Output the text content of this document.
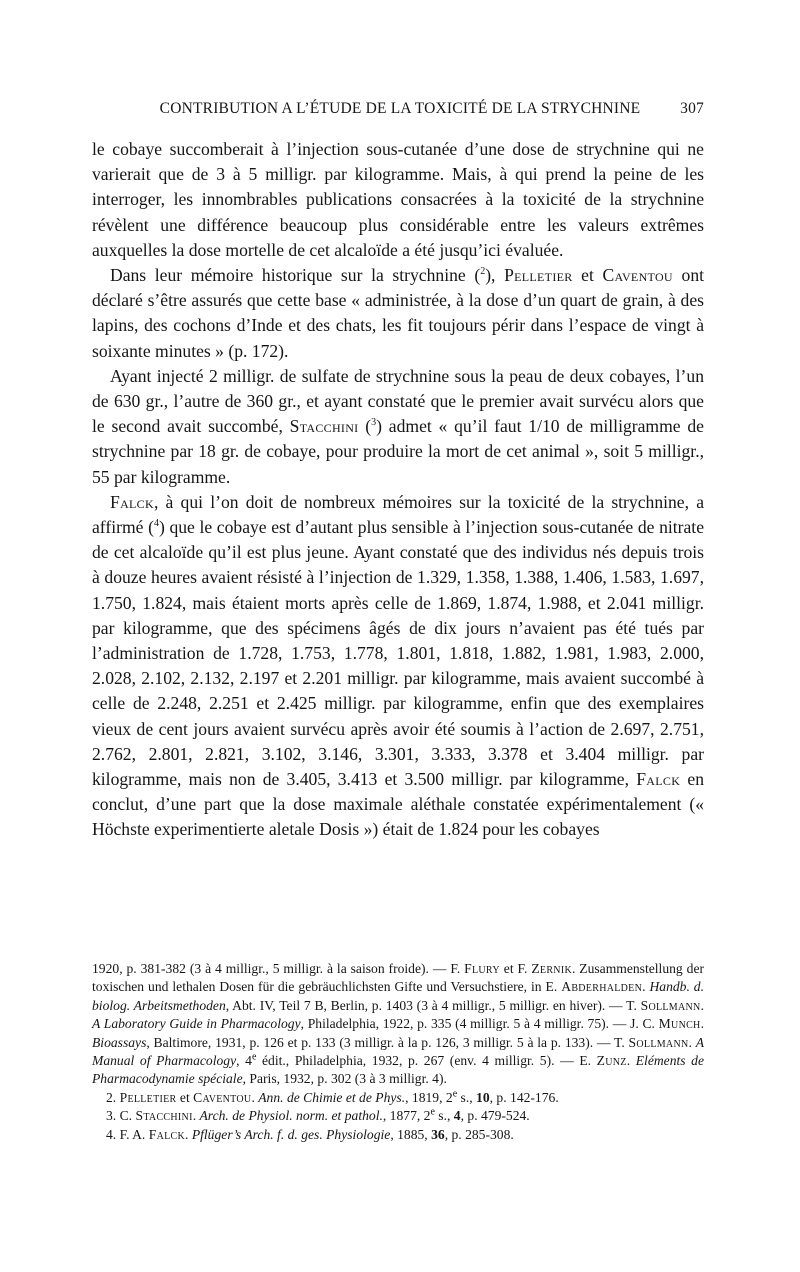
CONTRIBUTION A L’ÉTUDE DE LA TOXICITÉ DE LA STRYCHNINE	307

le cobaye succomberait à l’injection sous-cutanée d’une dose de strychnine qui ne varierait que de 3 à 5 milligr. par kilogramme. Mais, à qui prend la peine de les interroger, les innombrables publications consacrées à la toxicité de la strychnine révèlent une différence beaucoup plus considérable entre les valeurs extrêmes auxquelles la dose mortelle de cet alcaloïde a été jusqu’ici évaluée.

Dans leur mémoire historique sur la strychnine ($^2$), Pelletier et Caventou ont déclaré s’être assurés que cette base « administrée, à la dose d’un quart de grain, à des lapins, des cochons d’Inde et des chats, les fit toujours périr dans l’espace de vingt à soixante minutes » (p. 172).

Ayant injecté 2 milligr. de sulfate de strychnine sous la peau de deux cobayes, l’un de 630 gr., l’autre de 360 gr., et ayant constaté que le premier avait survécu alors que le second avait succombé, Stacchini ($^3$) admet « qu’il faut 1/10 de milligramme de strychnine par 18 gr. de cobaye, pour produire la mort de cet animal », soit 5 milligr., 55 par kilogramme.

Falck, à qui l’on doit de nombreux mémoires sur la toxicité de la strychnine, a affirmé ($^4$) que le cobaye est d’autant plus sensible à l’injection sous-cutanée de nitrate de cet alcaloïde qu’il est plus jeune. Ayant constaté que des individus nés depuis trois à douze heures avaient résisté à l’injection de 1.329, 1.358, 1.388, 1.406, 1.583, 1.697, 1.750, 1.824, mais étaient morts après celle de 1.869, 1.874, 1.988, et 2.041 milligr. par kilogramme, que des spécimens âgés de dix jours n’avaient pas été tués par l’administration de 1.728, 1.753, 1.778, 1.801, 1.818, 1.882, 1.981, 1.983, 2.000, 2.028, 2.102, 2.132, 2.197 et 2.201 milligr. par kilogramme, mais avaient succombé à celle de 2.248, 2.251 et 2.425 milligr. par kilogramme, enfin que des exemplaires vieux de cent jours avaient survécu après avoir été soumis à l’action de 2.697, 2.751, 2.762, 2.801, 2.821, 3.102, 3.146, 3.301, 3.333, 3.378 et 3.404 milligr. par kilogramme, mais non de 3.405, 3.413 et 3.500 milligr. par kilogramme, Falck en conclut, d’une part que la dose maximale aléthale constatée expérimentalement (« Höchste experimentierte aletale Dosis ») était de 1.824 pour les cobayes

1920, p. 381-382 (3 à 4 milligr., 5 milligr. à la saison froide). — F. Flury et F. Zernik. Zusammenstellung der toxischen und lethalen Dosen für die gebräuchlichsten Gifte und Versuchstiere, in E. Abderhalden. Handb. d. biolog. Arbeitsmethoden, Abt. IV, Teil 7 B, Berlin, p. 1403 (3 à 4 milligr., 5 milligr. en hiver). — T. Sollmann. A Laboratory Guide in Pharmacology, Philadelphia, 1922, p. 335 (4 milligr. 5 à 4 milligr. 75). — J. C. Munch. Bioassays, Baltimore, 1931, p. 126 et p. 133 (3 milligr. à la p. 126, 3 milligr. 5 à la p. 133). — T. Sollmann. A Manual of Pharmacology, 4e édit., Philadelphia, 1932, p. 267 (env. 4 milligr. 5). — E. Zunz. Eléments de Pharmacodynamie spéciale, Paris, 1932, p. 302 (3 à 3 milligr. 4).

2. Pelletier et Caventou. Ann. de Chimie et de Phys., 1819, 2e s., 10, p. 142-176.

3. C. Stacchini. Arch. de Physiol. norm. et pathol., 1877, 2e s., 4, p. 479-524.

4. F. A. Falck. Pflüger’s Arch. f. d. ges. Physiologie, 1885, 36, p. 285-308.
